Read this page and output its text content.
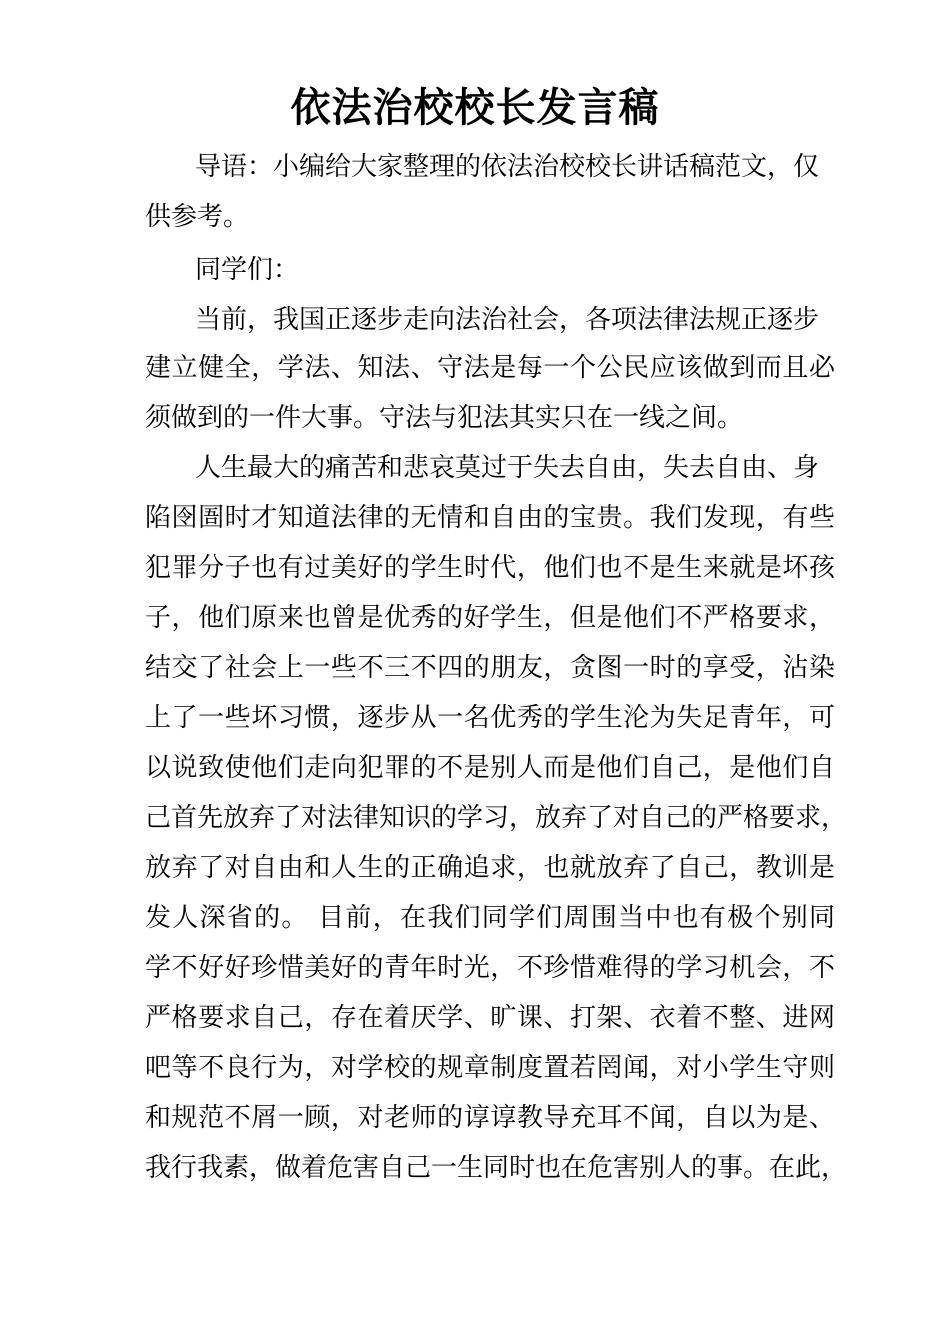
依法治校校长发言稿
导语：小编给大家整理的依法治校校长讲话稿范文，仅
供参考。
同学们：
当前，我国正逐步走向法治社会，各项法律法规正逐步
建立健全，学法、知法、守法是每一个公民应该做到而且必
须做到的一件大事。守法与犯法其实只在一线之间。
人生最大的痛苦和悲哀莫过于失去自由，失去自由、身
陷囹圄时才知道法律的无情和自由的宝贵。我们发现，有些
犯罪分子也有过美好的学生时代，他们也不是生来就是坏孩
子，他们原来也曾是优秀的好学生，但是他们不严格要求，
结交了社会上一些不三不四的朋友，贪图一时的享受，沾染
上了一些坏习惯，逐步从一名优秀的学生沦为失足青年，可
以说致使他们走向犯罪的不是别人而是他们自己，是他们自
己首先放弃了对法律知识的学习，放弃了对自己的严格要求，
放弃了对自由和人生的正确追求，也就放弃了自己，教训是
发人深省的。 目前，在我们同学们周围当中也有极个别同
学不好好珍惜美好的青年时光，不珍惜难得的学习机会，不
严格要求自己，存在着厌学、旷课、打架、衣着不整、进网
吧等不良行为，对学校的规章制度置若罔闻，对小学生守则
和规范不屑一顾，对老师的谆谆教导充耳不闻，自以为是、
我行我素，做着危害自己一生同时也在危害别人的事。在此，
